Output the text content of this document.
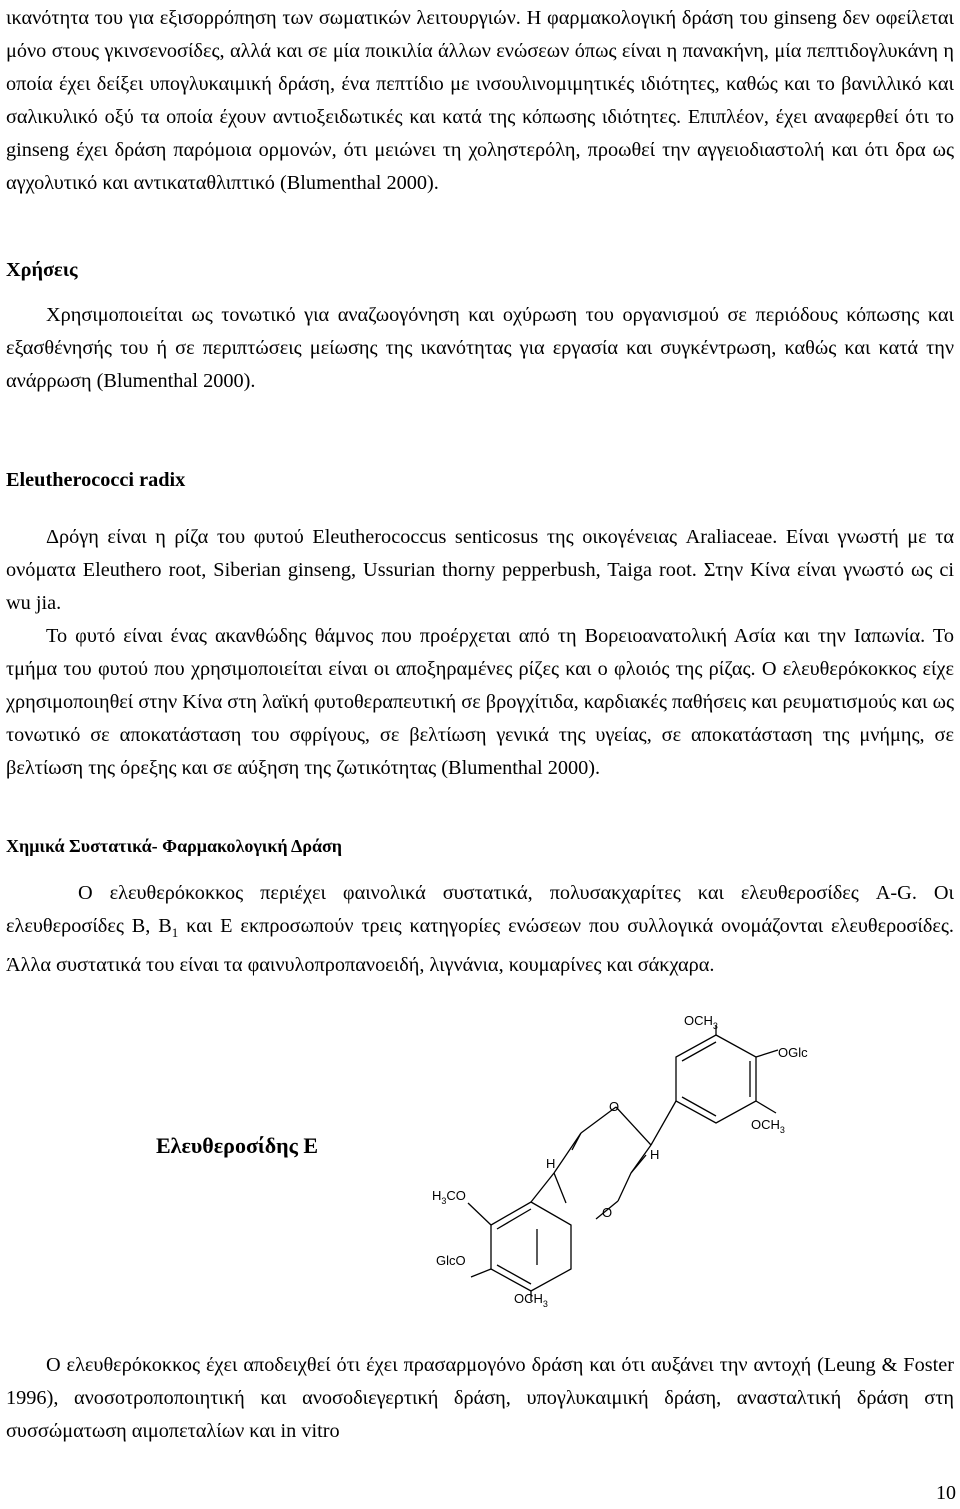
ικανότητα του για εξισορρόπηση των σωματικών λειτουργιών. Η φαρμακολογική δράση του ginseng δεν οφείλεται μόνο στους γκινσενοσίδες, αλλά και σε μία ποικιλία άλλων ενώσεων όπως είναι η πανακήνη, μία πεπτιδογλυκάνη η οποία έχει δείξει υπογλυκαιμική δράση, ένα πεπτίδιο με ινσουλινομιμητικές ιδιότητες, καθώς και το βανιλλικό και σαλικυλικό οξύ τα οποία έχουν αντιοξειδωτικές και κατά της κόπωσης ιδιότητες. Επιπλέον, έχει αναφερθεί ότι το ginseng έχει δράση παρόμοια ορμονών, ότι μειώνει τη χοληστερόλη, προωθεί την αγγειοδιαστολή και ότι δρα ως αγχολυτικό και αντικαταθλιπτικό (Blumenthal 2000).

Χρήσεις

Χρησιμοποιείται ως τονωτικό για αναζωογόνηση και οχύρωση του οργανισμού σε περιόδους κόπωσης και εξασθένησής του ή σε περιπτώσεις μείωσης της ικανότητας για εργασία και συγκέντρωση, καθώς και κατά την ανάρρωση (Blumenthal 2000).

Eleutherococci radix

Δρόγη είναι η ρίζα του φυτού Eleutherococcus senticosus της οικογένειας Araliaceae. Είναι γνωστή με τα ονόματα Eleuthero root, Siberian ginseng, Ussurian thorny pepperbush, Taiga root. Στην Κίνα είναι γνωστό ως ci wu jia.

Το φυτό είναι ένας ακανθώδης θάμνος που προέρχεται από τη Βορειοανατολική Ασία και την Ιαπωνία. Το τμήμα του φυτού που χρησιμοποιείται είναι οι αποξηραμένες ρίζες και ο φλοιός της ρίζας. Ο ελευθερόκοκκος είχε χρησιμοποιηθεί στην Κίνα στη λαϊκή φυτοθεραπευτική σε βρογχίτιδα, καρδιακές παθήσεις και ρευματισμούς και ως τονωτικό σε αποκατάσταση του σφρίγους, σε βελτίωση γενικά της υγείας, σε αποκατάσταση της μνήμης, σε βελτίωση της όρεξης και σε αύξηση της ζωτικότητας (Blumenthal 2000).

Χημικά Συστατικά- Φαρμακολογική Δράση

Ο ελευθερόκοκκος περιέχει φαινολικά συστατικά, πολυσακχαρίτες και ελευθεροσίδες A-G. Οι ελευθεροσίδες B, $B_1$ και E εκπροσωπούν τρεις κατηγορίες ενώσεων που συλλογικά ονομάζονται ελευθεροσίδες. Άλλα συστατικά του είναι τα φαινυλοπροπανοειδή, λιγνάνια, κουμαρίνες και σάκχαρα.

Ελευθεροσίδης Ε
$OCH_3$
OGlc
O
$OCH_3$
H
H
$H_3CO$
O
GlcO
$OCH_3$

Ο ελευθερόκοκκος έχει αποδειχθεί ότι έχει πρασαρμογόνο δράση και ότι αυξάνει την αντοχή (Leung & Foster 1996), ανοσοτροποποιητική και ανοσοδιεγερτική δράση, υπογλυκαιμική δράση, ανασταλτική δράση στη συσσώματωση αιμοπεταλίων και in vitro

10
